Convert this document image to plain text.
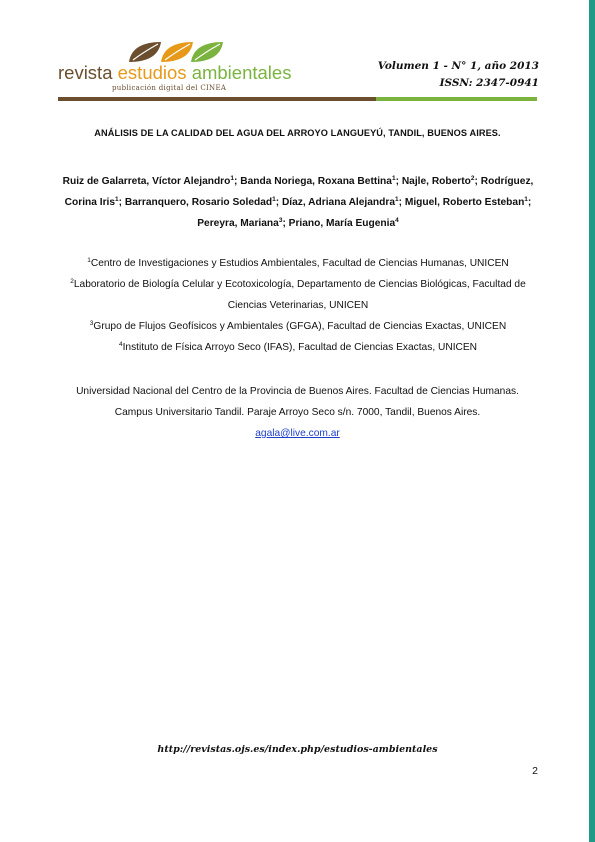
revista estudios ambientales
publicación digital del CINEA
Volumen 1 - N° 1, año 2013
ISSN: 2347-0941
ANÁLISIS DE LA CALIDAD DEL AGUA DEL ARROYO LANGUEYÚ, TANDIL, BUENOS AIRES.
Ruiz de Galarreta, Víctor Alejandro$^1$; Banda Noriega, Roxana Bettina$^1$; Najle, Roberto$^2$; Rodríguez, Corina Iris$^1$; Barranquero, Rosario Soledad$^1$; Díaz, Adriana Alejandra$^1$; Miguel, Roberto Esteban$^1$; Pereyra, Mariana$^3$; Priano, María Eugenia$^4$

$^1$Centro de Investigaciones y Estudios Ambientales, Facultad de Ciencias Humanas, UNICEN

$^2$Laboratorio de Biología Celular y Ecotoxicología, Departamento de Ciencias Biológicas, Facultad de Ciencias Veterinarias, UNICEN

$^3$Grupo de Flujos Geofísicos y Ambientales (GFGA), Facultad de Ciencias Exactas, UNICEN

$^4$Instituto de Física Arroyo Seco (IFAS), Facultad de Ciencias Exactas, UNICEN

Universidad Nacional del Centro de la Provincia de Buenos Aires. Facultad de Ciencias Humanas.

Campus Universitario Tandil. Paraje Arroyo Seco s/n. 7000, Tandil, Buenos Aires.

agala@live.com.ar

http://revistas.ojs.es/index.php/estudios-ambientales
2
